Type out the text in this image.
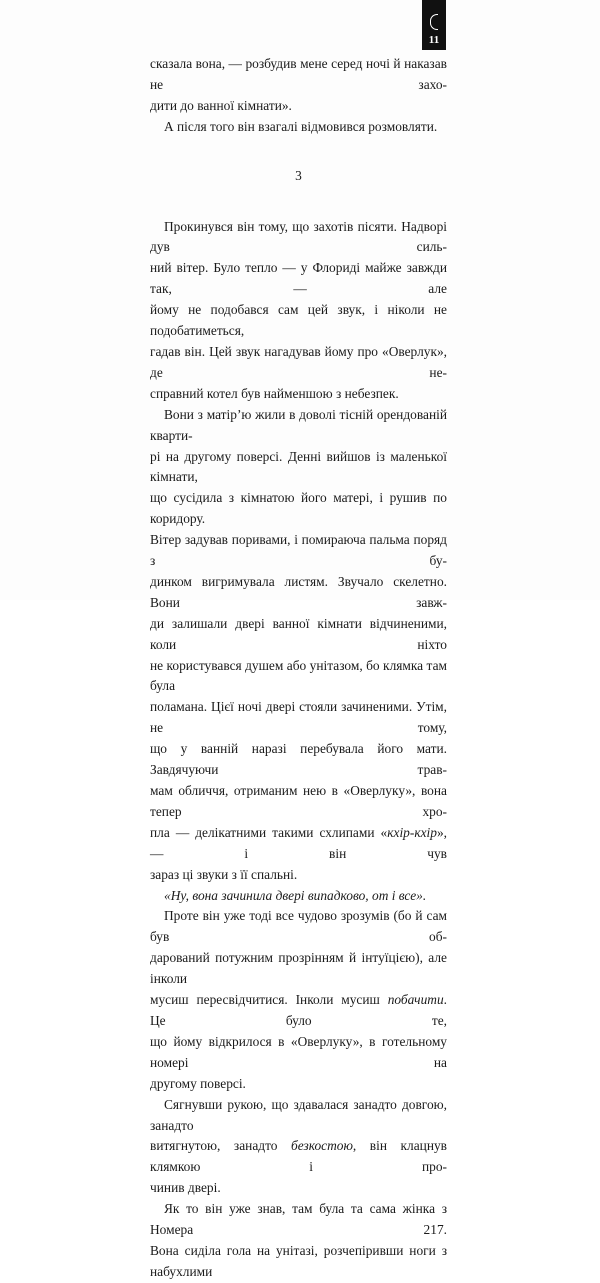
11

сказала вона, — розбудив мене серед ночі й наказав не захо-

дити до ванної кімнати».

А після того він взагалі відмовився розмовляти.

3

Прокинувся він тому, що захотів пісяти. Надворі дув силь-

ний вітер. Було тепло — у Флориді майже завжди так, — але

йому не подобався сам цей звук, і ніколи не подобатиметься,

гадав він. Цей звук нагадував йому про «Оверлук», де не-

справний котел був найменшою з небезпек.

Вони з матір’ю жили в доволі тісній орендованій кварти-

рі на другому поверсі. Денні вийшов із маленької кімнати,

що сусідила з кімнатою його матері, і рушив по коридору.

Вітер задував поривами, і помираюча пальма поряд з бу-

динком вигримувала листям. Звучало скелетно. Вони завж-

ди залишали двері ванної кімнати відчиненими, коли ніхто

не користувався душем або унітазом, бо клямка там була

поламана. Цієї ночі двері стояли зачиненими. Утім, не тому,

що у ванній наразі перебувала його мати. Завдячуючи трав-

мам обличчя, отриманим нею в «Оверлуку», вона тепер хро-

пла — делікатними такими схлипами «кхір-кхір», — і він чув

зараз ці звуки з її спальні.

«Ну, вона зачинила двері випадково, от і все».

Проте він уже тоді все чудово зрозумів (бо й сам був об-

дарований потужним прозрінням й інтуїцією), але інколи

мусиш пересвідчитися. Інколи мусиш побачити. Це було те,

що йому відкрилося в «Оверлуку», в готельному номері на

другому поверсі.

Сягнувши рукою, що здавалася занадто довгою, занадто

витягнутою, занадто безкостою, він клацнув клямкою і про-

чинив двері.

Як то він уже знав, там була та сама жінка з Номера 217.

Вона сиділа гола на унітазі, розчепіривши ноги з набухлими
